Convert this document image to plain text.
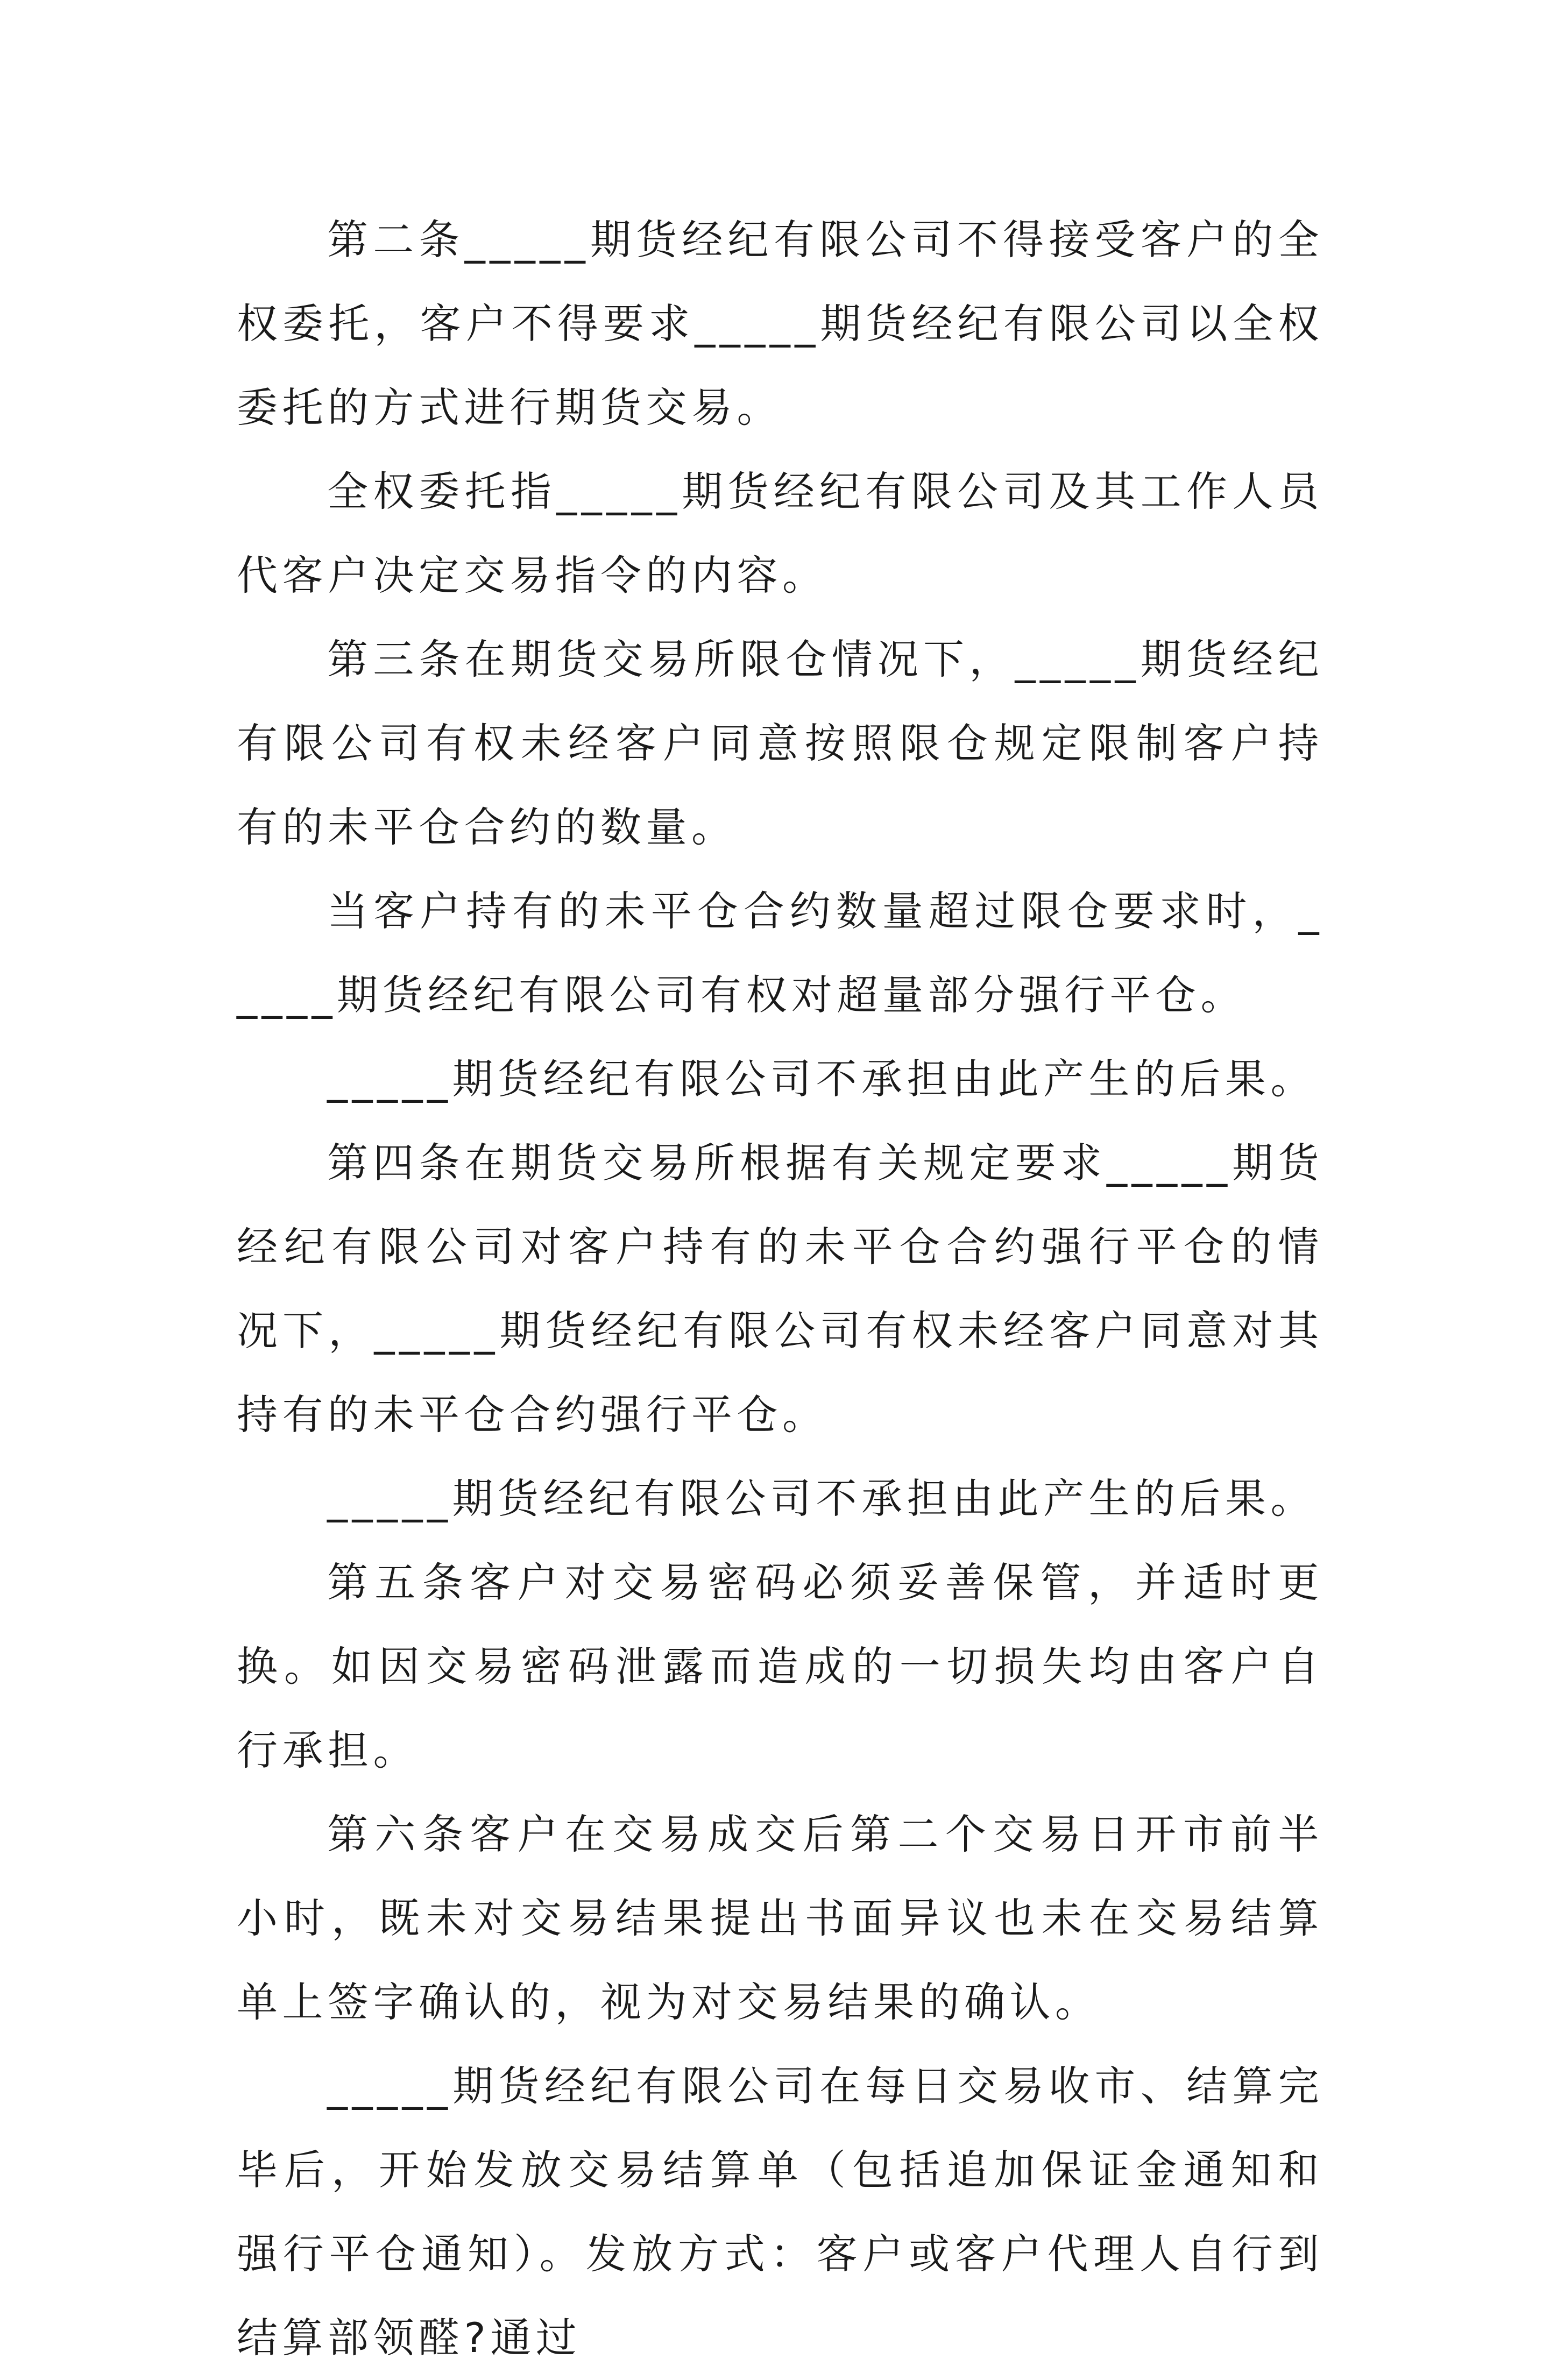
第二条_____期货经纪有限公司不得接受客户的全权委托，客户不得要求_____期货经纪有限公司以全权委托的方式进行期货交易。

全权委托指_____期货经纪有限公司及其工作人员代客户决定交易指令的内容。

第三条在期货交易所限仓情况下，_____期货经纪有限公司有权未经客户同意按照限仓规定限制客户持有的未平仓合约的数量。

当客户持有的未平仓合约数量超过限仓要求时，_____期货经纪有限公司有权对超量部分强行平仓。

_____期货经纪有限公司不承担由此产生的后果。

第四条在期货交易所根据有关规定要求_____期货经纪有限公司对客户持有的未平仓合约强行平仓的情况下，_____期货经纪有限公司有权未经客户同意对其持有的未平仓合约强行平仓。

_____期货经纪有限公司不承担由此产生的后果。

第五条客户对交易密码必须妥善保管，并适时更换。如因交易密码泄露而造成的一切损失均由客户自行承担。

第六条客户在交易成交后第二个交易日开市前半小时，既未对交易结果提出书面异议也未在交易结算单上签字确认的，视为对交易结果的确认。

_____期货经纪有限公司在每日交易收市、结算完毕后，开始发放交易结算单（包括追加保证金通知和强行平仓通知）。发放方式：客户或客户代理人自行到结算部领醛?通过
